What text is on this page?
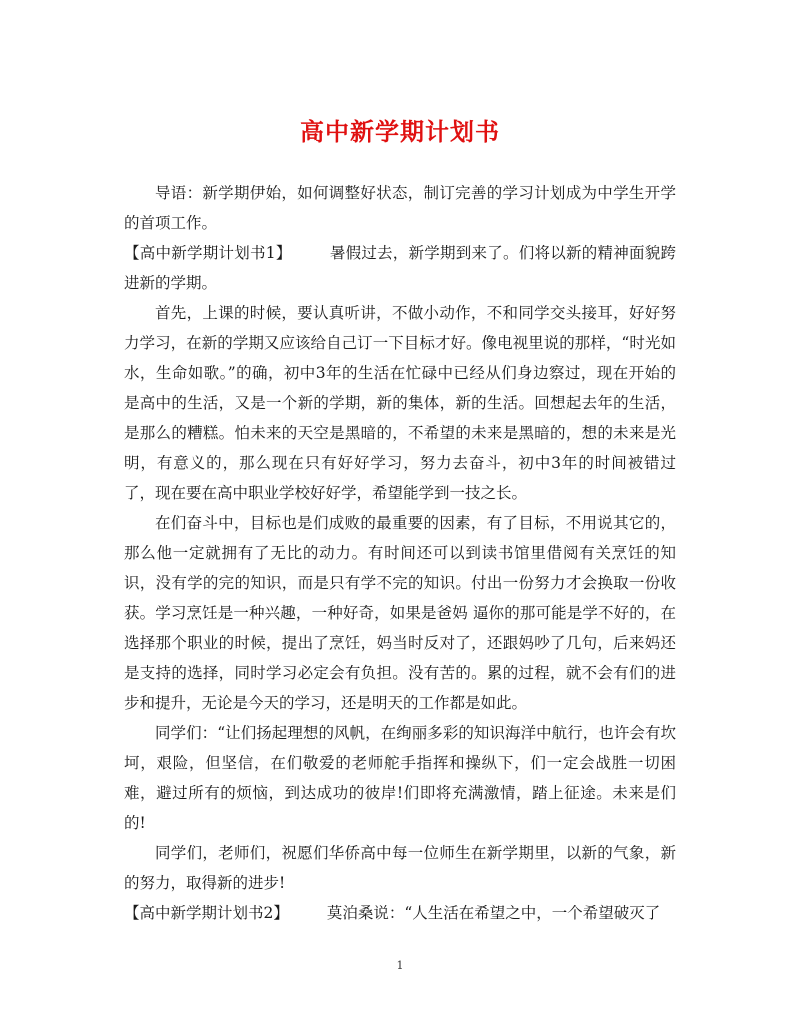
高中新学期计划书

导语：新学期伊始，如何调整好状态，制订完善的学习计划成为中学生开学的首项工作。

【高中新学期计划书1】 暑假过去，新学期到来了。们将以新的精神面貌跨进新的学期。

首先，上课的时候，要认真听讲，不做小动作，不和同学交头接耳，好好努力学习，在新的学期又应该给自己订一下目标才好。像电视里说的那样，“时光如水，生命如歌。”的确，初中3年的生活在忙碌中已经从们身边察过，现在开始的是高中的生活，又是一个新的学期，新的集体，新的生活。回想起去年的生活，是那么的糟糕。怕未来的天空是黑暗的，不希望的未来是黑暗的，想的未来是光明，有意义的，那么现在只有好好学习，努力去奋斗，初中3年的时间被错过了，现在要在高中职业学校好好学，希望能学到一技之长。

在们奋斗中，目标也是们成败的最重要的因素，有了目标，不用说其它的，那么他一定就拥有了无比的动力。有时间还可以到读书馆里借阅有关烹饪的知识，没有学的完的知识，而是只有学不完的知识。付出一份努力才会换取一份收获。学习烹饪是一种兴趣，一种好奇，如果是爸妈 逼你的那可能是学不好的，在选择那个职业的时候，提出了烹饪，妈当时反对了，还跟妈吵了几句，后来妈还是支持的选择，同时学习必定会有负担。没有苦的。累的过程，就不会有们的进步和提升，无论是今天的学习，还是明天的工作都是如此。

同学们：“让们扬起理想的风帆，在绚丽多彩的知识海洋中航行，也许会有坎坷，艰险，但坚信，在们敬爱的老师舵手指挥和操纵下，们一定会战胜一切困难，避过所有的烦恼，到达成功的彼岸!们即将充满激情，踏上征途。未来是们的!

同学们，老师们，祝愿们华侨高中每一位师生在新学期里，以新的气象，新的努力，取得新的进步!

【高中新学期计划书2】 莫泊桑说：“人生活在希望之中，一个希望破灭了

1
